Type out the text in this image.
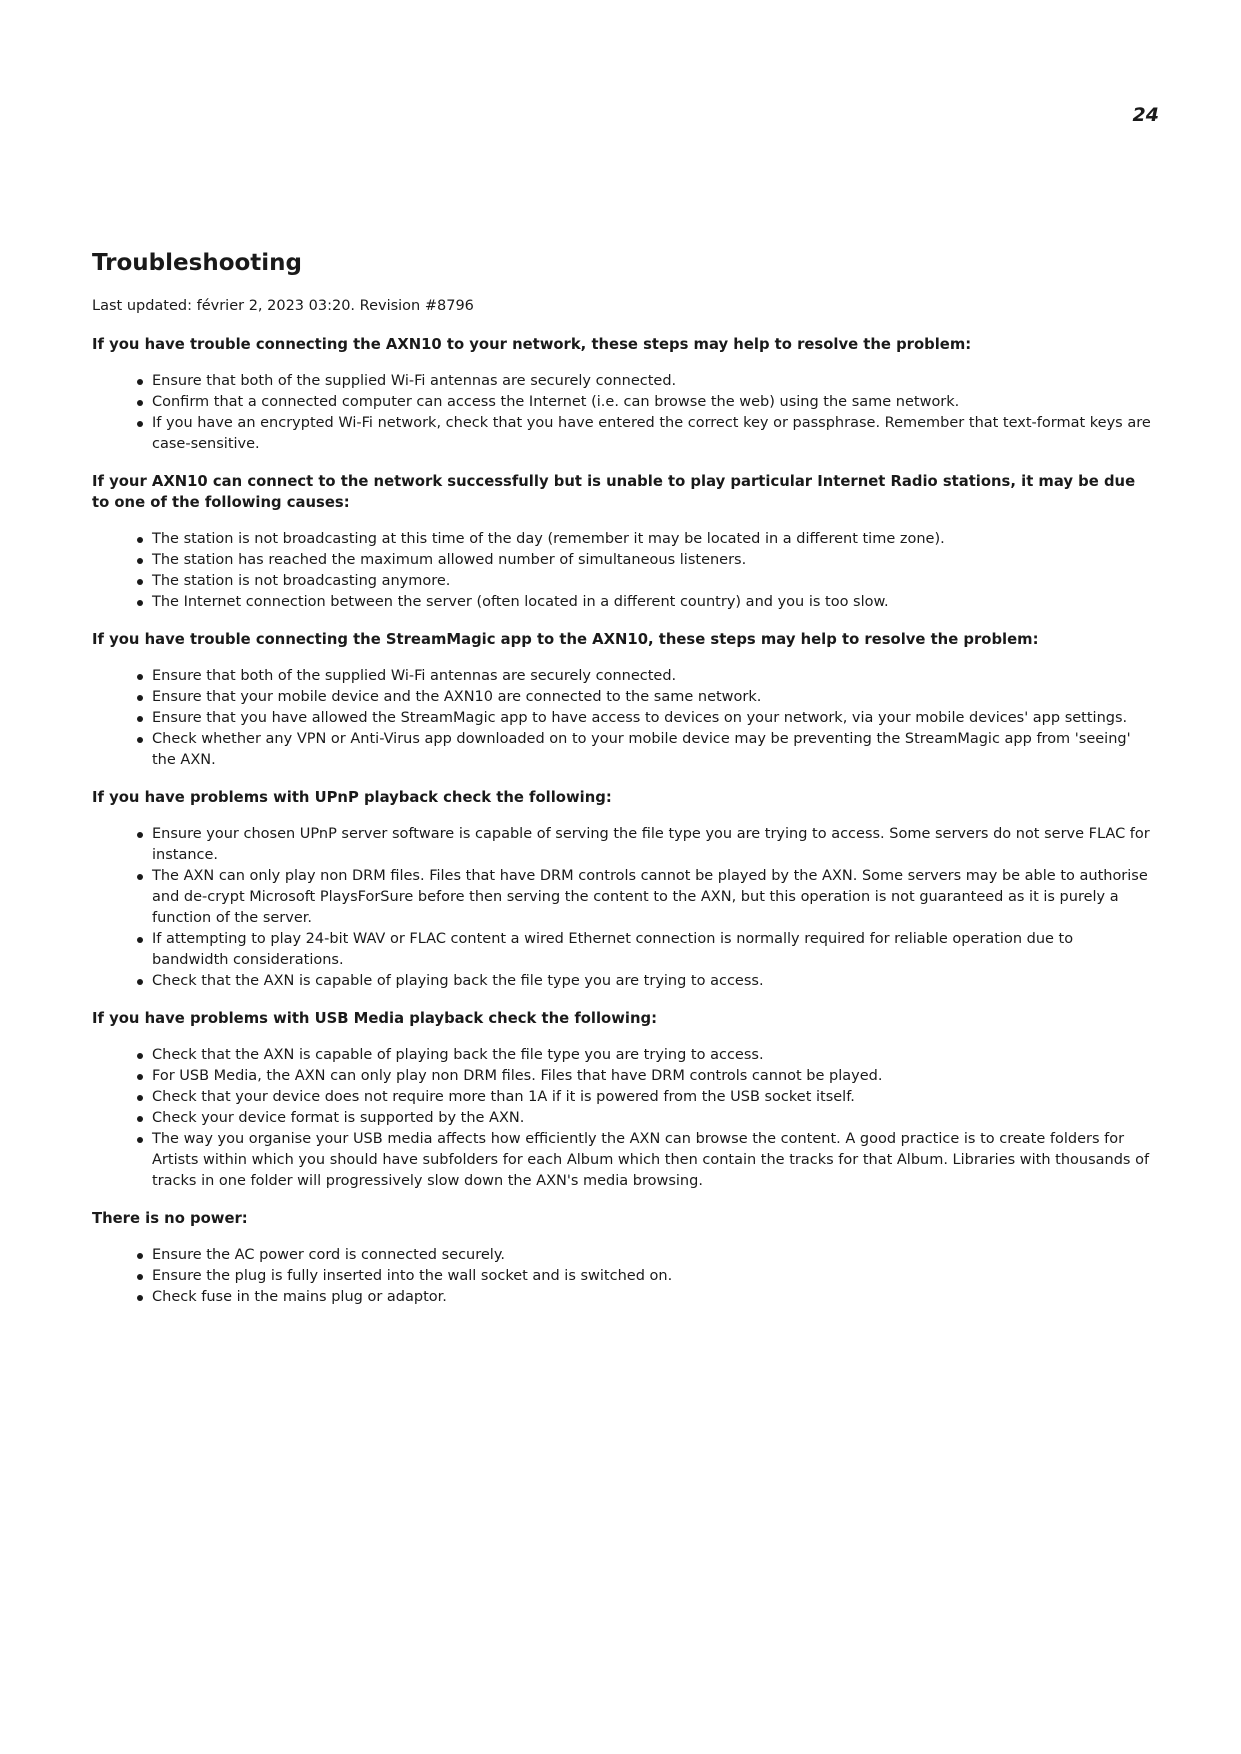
24

Troubleshooting

Last updated: février 2, 2023 03:20. Revision #8796

If you have trouble connecting the AXN10 to your network, these steps may help to resolve the problem:

Ensure that both of the supplied Wi-Fi antennas are securely connected.
Confirm that a connected computer can access the Internet (i.e. can browse the web) using the same network.
If you have an encrypted Wi-Fi network, check that you have entered the correct key or passphrase. Remember that text-format keys are case-sensitive.

If your AXN10 can connect to the network successfully but is unable to play particular Internet Radio stations, it may be due to one of the following causes:

The station is not broadcasting at this time of the day (remember it may be located in a different time zone).
The station has reached the maximum allowed number of simultaneous listeners.
The station is not broadcasting anymore.
The Internet connection between the server (often located in a different country) and you is too slow.

If you have trouble connecting the StreamMagic app to the AXN10, these steps may help to resolve the problem:

Ensure that both of the supplied Wi-Fi antennas are securely connected.
Ensure that your mobile device and the AXN10 are connected to the same network.
Ensure that you have allowed the StreamMagic app to have access to devices on your network, via your mobile devices' app settings.
Check whether any VPN or Anti-Virus app downloaded on to your mobile device may be preventing the StreamMagic app from 'seeing' the AXN.

If you have problems with UPnP playback check the following:

Ensure your chosen UPnP server software is capable of serving the file type you are trying to access. Some servers do not serve FLAC for instance.
The AXN can only play non DRM files. Files that have DRM controls cannot be played by the AXN. Some servers may be able to authorise and de-crypt Microsoft PlaysForSure before then serving the content to the AXN, but this operation is not guaranteed as it is purely a function of the server.
If attempting to play 24-bit WAV or FLAC content a wired Ethernet connection is normally required for reliable operation due to bandwidth considerations.
Check that the AXN is capable of playing back the file type you are trying to access.

If you have problems with USB Media playback check the following:

Check that the AXN is capable of playing back the file type you are trying to access.
For USB Media, the AXN can only play non DRM files. Files that have DRM controls cannot be played.
Check that your device does not require more than 1A if it is powered from the USB socket itself.
Check your device format is supported by the AXN.
The way you organise your USB media affects how efficiently the AXN can browse the content. A good practice is to create folders for Artists within which you should have subfolders for each Album which then contain the tracks for that Album. Libraries with thousands of tracks in one folder will progressively slow down the AXN's media browsing.

There is no power:

Ensure the AC power cord is connected securely.
Ensure the plug is fully inserted into the wall socket and is switched on.
Check fuse in the mains plug or adaptor.
